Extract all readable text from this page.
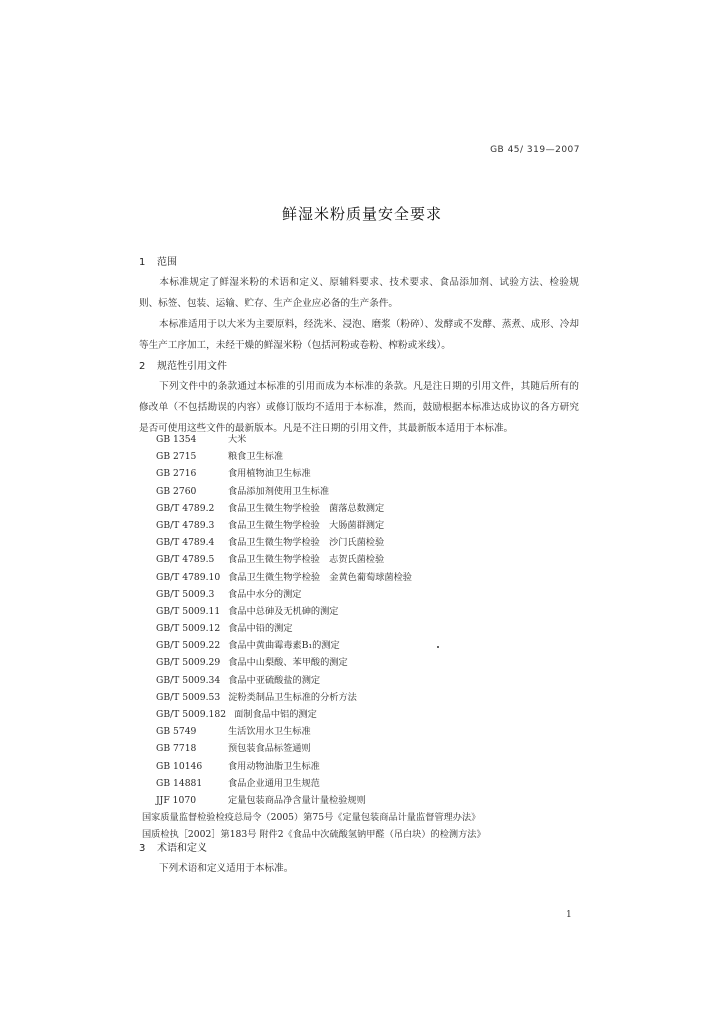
GB 45/ 319—2007
鲜湿米粉质量安全要求
1 范围
本标准规定了鲜湿米粉的术语和定义、原辅料要求、技术要求、食品添加剂、试验方法、检验规则、标签、包装、运输、贮存、生产企业应必备的生产条件。
本标准适用于以大米为主要原料，经洗米、浸泡、磨浆（粉碎）、发酵或不发酵、蒸煮、成形、冷却等生产工序加工，未经干燥的鲜湿米粉（包括河粉或卷粉、榨粉或米线）。
2 规范性引用文件
下列文件中的条款通过本标准的引用而成为本标准的条款。凡是注日期的引用文件，其随后所有的修改单（不包括勘误的内容）或修订版均不适用于本标准，然而，鼓励根据本标准达成协议的各方研究是否可使用这些文件的最新版本。凡是不注日期的引用文件，其最新版本适用于本标准。
GB 1354	大米
GB 2715	粮食卫生标准
GB 2716	食用植物油卫生标准
GB 2760	食品添加剂使用卫生标准
GB/T 4789.2 食品卫生微生物学检验　菌落总数测定
GB/T 4789.3 食品卫生微生物学检验　大肠菌群测定
GB/T 4789.4 食品卫生微生物学检验　沙门氏菌检验
GB/T 4789.5 食品卫生微生物学检验　志贺氏菌检验
GB/T 4789.10 食品卫生微生物学检验　金黄色葡萄球菌检验
GB/T 5009.3 食品中水分的测定
GB/T 5009.11 食品中总砷及无机砷的测定
GB/T 5009.12 食品中铅的测定
GB/T 5009.22 食品中黄曲霉毒素B₁的测定
GB/T 5009.29 食品中山梨酸、苯甲酸的测定
GB/T 5009.34 食品中亚硫酸盐的测定
GB/T 5009.53 淀粉类制品卫生标准的分析方法
GB/T 5009.182 面制食品中铝的测定
GB 5749	生活饮用水卫生标准
GB 7718	预包装食品标签通则
GB 10146	食用动物油脂卫生标准
GB 14881	食品企业通用卫生规范
JJF 1070	定量包装商品净含量计量检验规则
国家质量监督检验检疫总局令（2005）第75号《定量包装商品计量监督管理办法》
国质检执［2002］第183号 附件2《食品中次硫酸氢钠甲醛（吊白块）的检测方法》
3 术语和定义
下列术语和定义适用于本标准。
1
